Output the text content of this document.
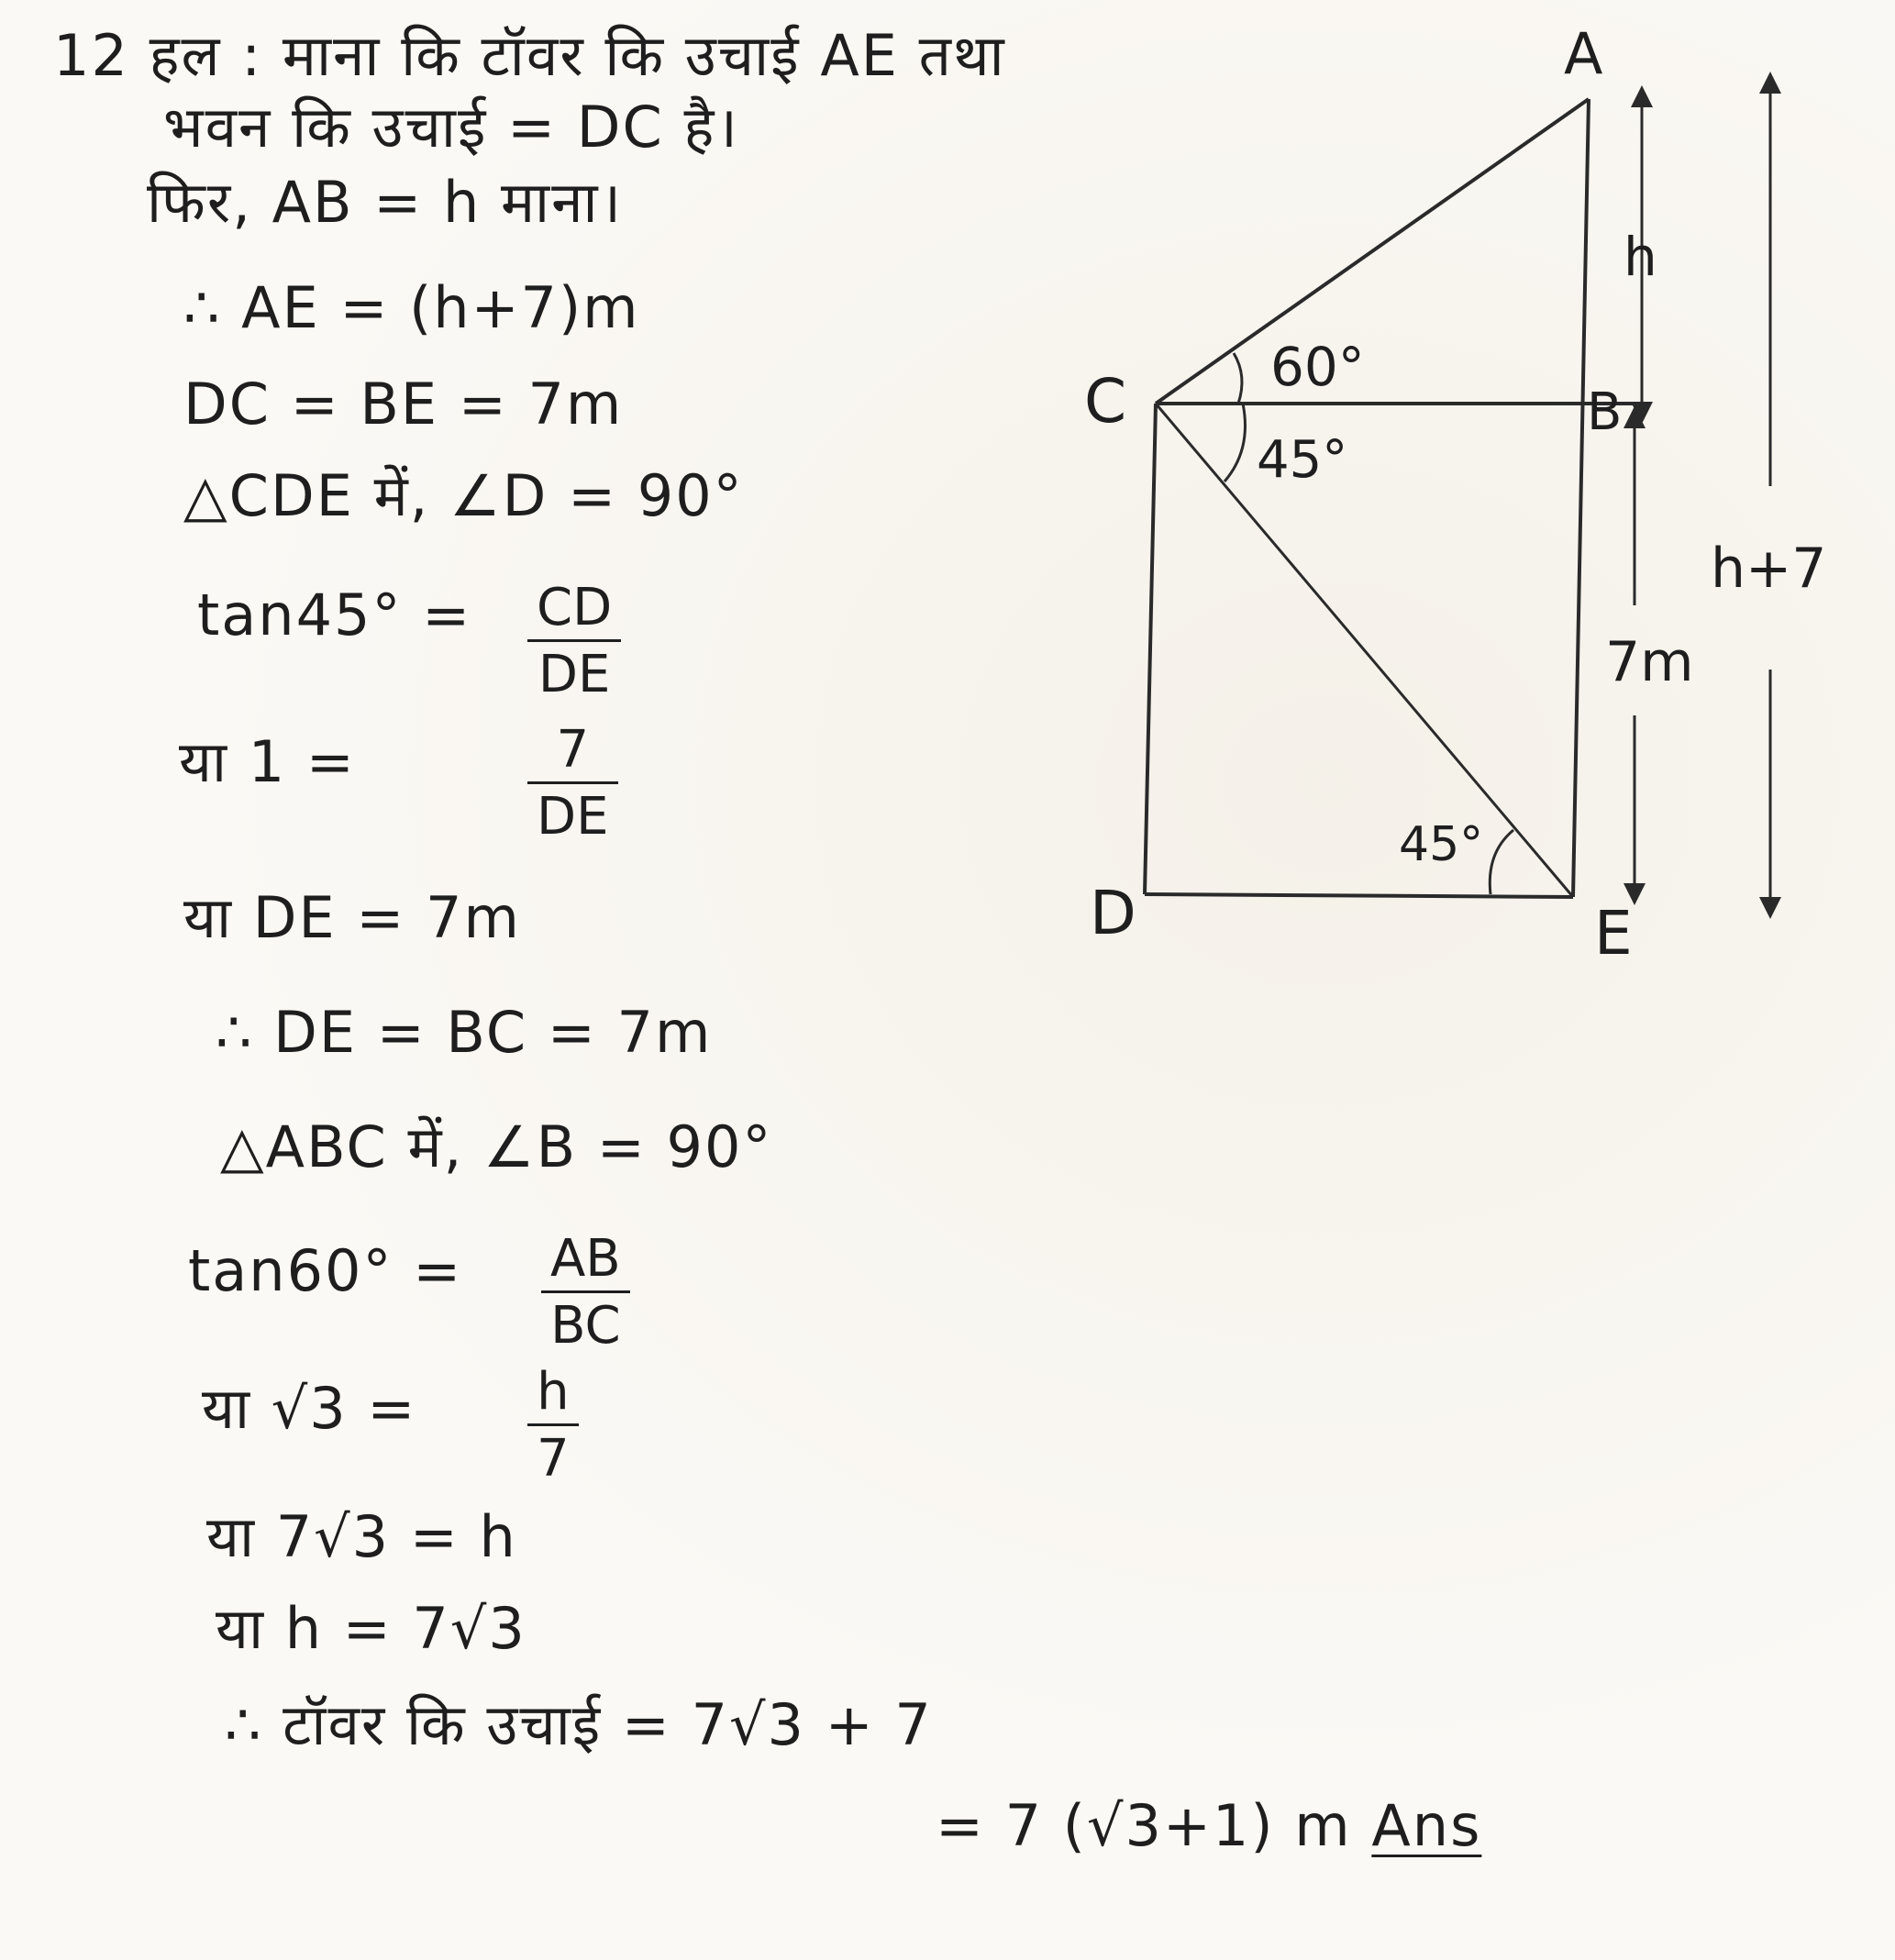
12 हल : माना कि टॉवर कि उचाई AE तथा
भवन कि उचाई = DC है।
फिर, AB = h माना।
∴ AE = (h+7)m
DC = BE = 7m
△CDE में, ∠D = 90°
tan45° = CD
DE
या 1 =	7
DE
या DE = 7m
∴ DE = BC = 7m
△ABC में, ∠B = 90°
tan60° = AB
BC
या √3 = h
7
या 7√3 = h
या h = 7√3
∴ टॉवर कि उचाई = 7√3 + 7
= 7 (√3+1) m Ans
A
B
C
D	E
60°
45°
45°
h
7m
h+7
